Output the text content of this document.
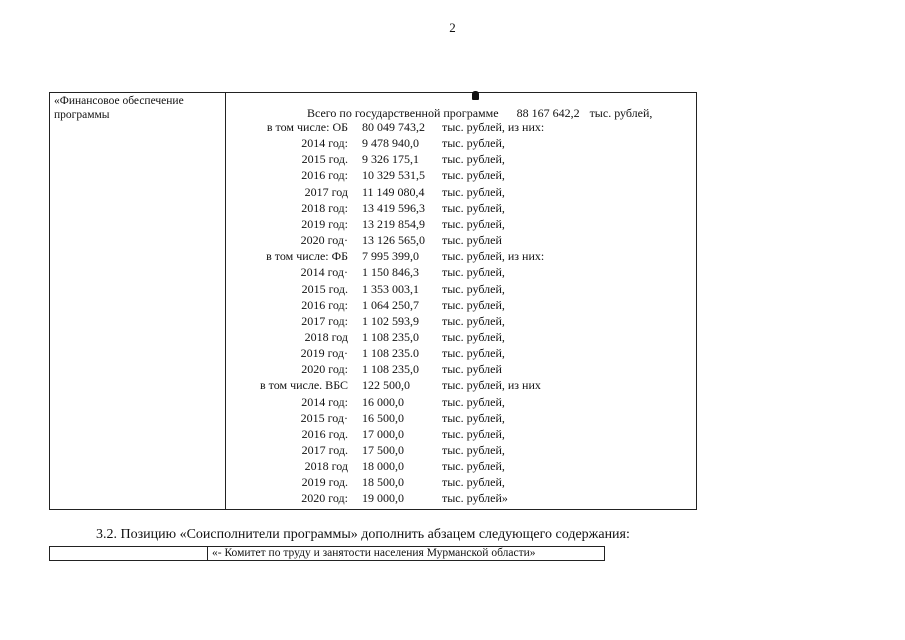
2
«Финансовое обеспечение программы	Всего по государственной программе 88 167 642,2 тыс. рублей,
в том числе: ОБ 80 049 743,2	тыс. рублей, из них:
2014 год: 9 478 940,0	тыс. рублей,
2015 год. 9 326 175,1	тыс. рублей,
2016 год: 10 329 531,5	тыс. рублей,
2017 год 11 149 080,4	тыс. рублей,
2018 год: 13 419 596,3	тыс. рублей,
2019 год: 13 219 854,9	тыс. рублей,
2020 год· 13 126 565,0	тыс. рублей
в том числе: ФБ 7 995 399,0	тыс. рублей, из них:
2014 год· 1 150 846,3	тыс. рублей,
2015 год. 1 353 003,1	тыс. рублей,
2016 год: 1 064 250,7	тыс. рублей,
2017 год: 1 102 593,9	тыс. рублей,
2018 год 1 108 235,0	тыс. рублей,
2019 год· 1 108 235.0	тыс. рублей,
2020 год: 1 108 235,0	тыс. рублей
в том числе. ВБС 122 500,0	тыс. рублей, из них
2014 год: 16 000,0	тыс. рублей,
2015 год· 16 500,0	тыс. рублей,
2016 год. 17 000,0	тыс. рублей,
2017 год. 17 500,0	тыс. рублей,
2018 год 18 000,0	тыс. рублей,
2019 год. 18 500,0	тыс. рублей,
2020 год: 19 000,0	тыс. рублей»
3.2. Позицию «Соисполнители программы» дополнить абзацем следующего содержания:
«- Комитет по труду и занятости населения Мурманской области»
